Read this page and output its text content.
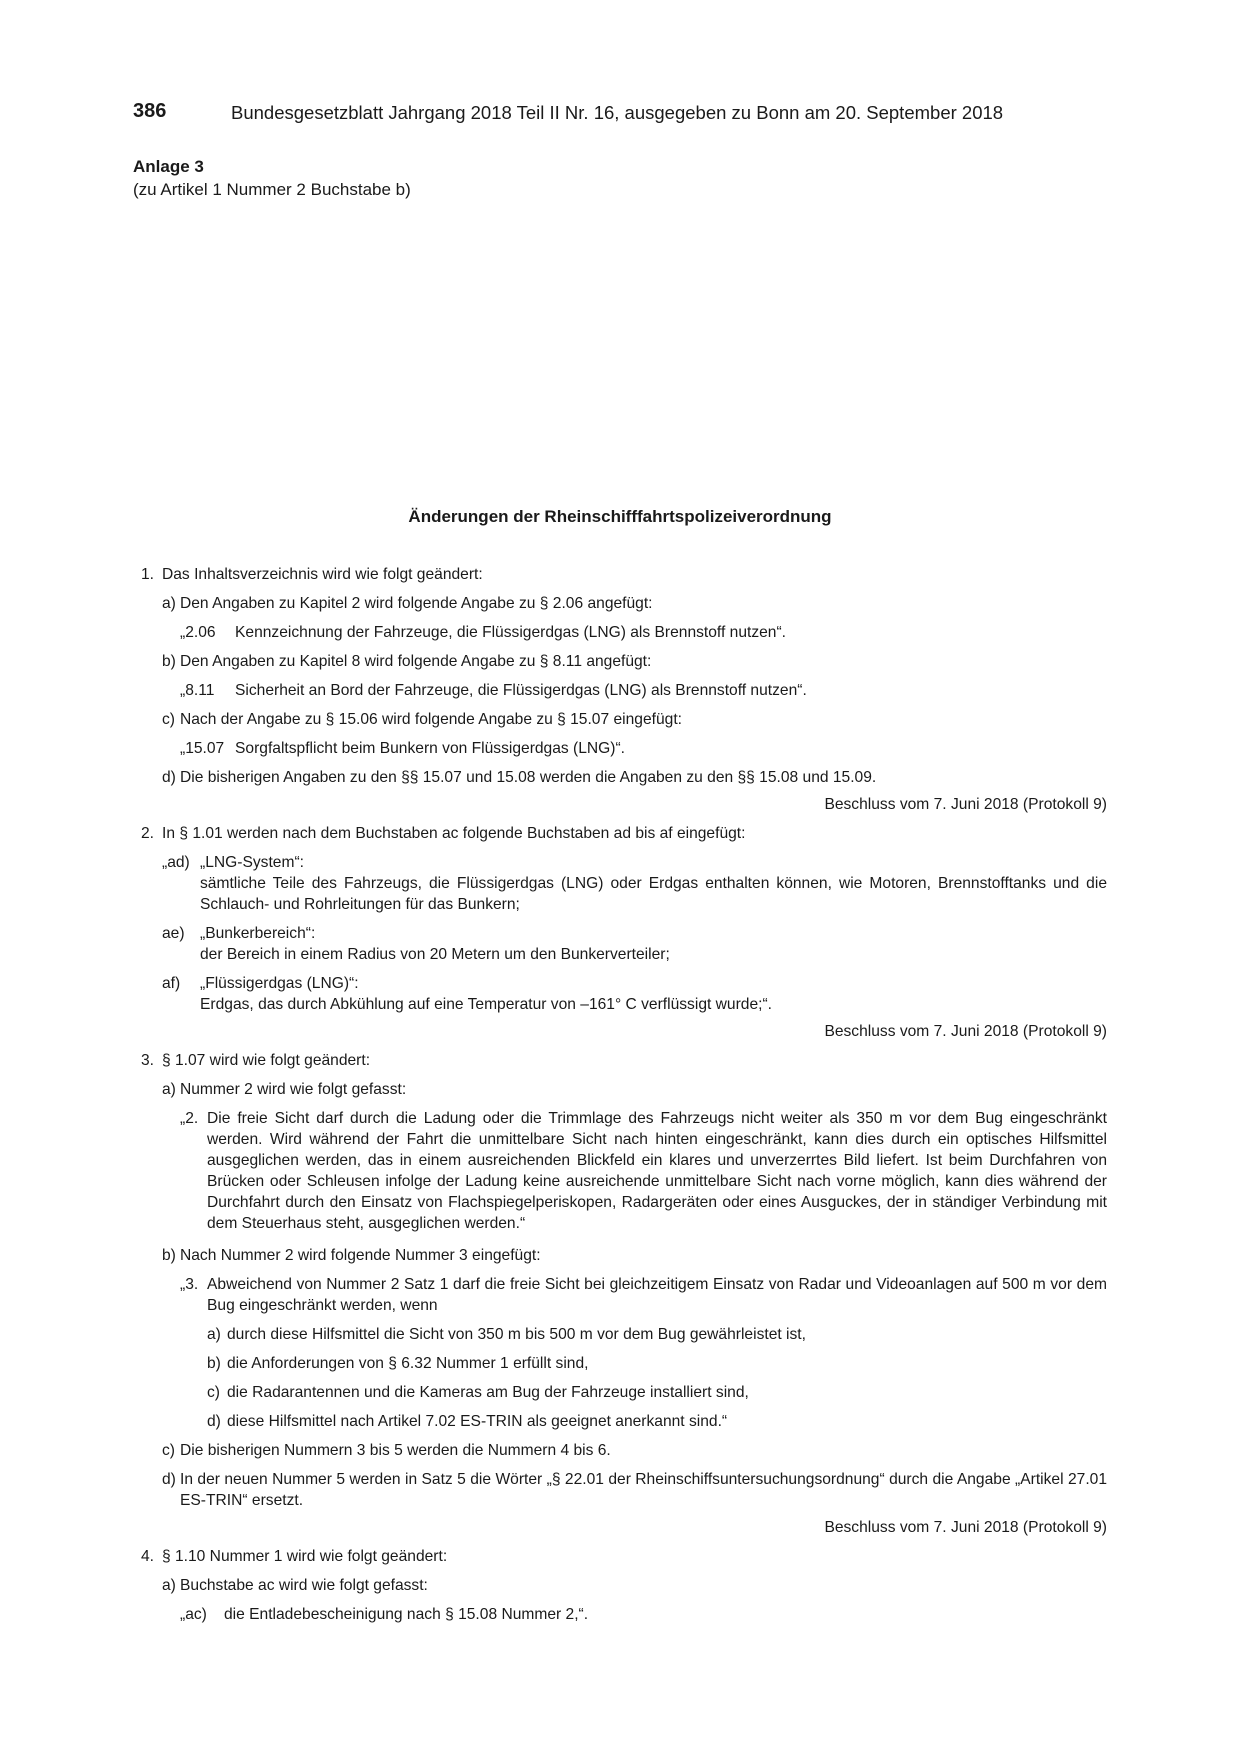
386	Bundesgesetzblatt Jahrgang 2018 Teil II Nr. 16, ausgegeben zu Bonn am 20. September 2018
Anlage 3
(zu Artikel 1 Nummer 2 Buchstabe b)
Änderungen der Rheinschifffahrtspolizeiverordnung
1. Das Inhaltsverzeichnis wird wie folgt geändert:
a) Den Angaben zu Kapitel 2 wird folgende Angabe zu § 2.06 angefügt:
„2.06 Kennzeichnung der Fahrzeuge, die Flüssigerdgas (LNG) als Brennstoff nutzen“.
b) Den Angaben zu Kapitel 8 wird folgende Angabe zu § 8.11 angefügt:
„8.11 Sicherheit an Bord der Fahrzeuge, die Flüssigerdgas (LNG) als Brennstoff nutzen“.
c) Nach der Angabe zu § 15.06 wird folgende Angabe zu § 15.07 eingefügt:
„15.07 Sorgfaltspflicht beim Bunkern von Flüssigerdgas (LNG)“.
d) Die bisherigen Angaben zu den §§ 15.07 und 15.08 werden die Angaben zu den §§ 15.08 und 15.09.
Beschluss vom 7. Juni 2018 (Protokoll 9)
2. In § 1.01 werden nach dem Buchstaben ac folgende Buchstaben ad bis af eingefügt:
„ad) „LNG-System“:
sämtliche Teile des Fahrzeugs, die Flüssigerdgas (LNG) oder Erdgas enthalten können, wie Motoren, Brennstofftanks und die Schlauch- und Rohrleitungen für das Bunkern;
ae) „Bunkerbereich“:
der Bereich in einem Radius von 20 Metern um den Bunkerverteiler;
af) „Flüssigerdgas (LNG)“:
Erdgas, das durch Abkühlung auf eine Temperatur von –161° C verflüssigt wurde;“.
Beschluss vom 7. Juni 2018 (Protokoll 9)
3. § 1.07 wird wie folgt geändert:
a) Nummer 2 wird wie folgt gefasst:
„2. Die freie Sicht darf durch die Ladung oder die Trimmlage des Fahrzeugs nicht weiter als 350 m vor dem Bug eingeschränkt werden. Wird während der Fahrt die unmittelbare Sicht nach hinten eingeschränkt, kann dies durch ein optisches Hilfsmittel ausgeglichen werden, das in einem ausreichenden Blickfeld ein klares und unverzerrtes Bild liefert. Ist beim Durchfahren von Brücken oder Schleusen infolge der Ladung keine ausreichende unmittelbare Sicht nach vorne möglich, kann dies während der Durchfahrt durch den Einsatz von Flachspiegelperiskopen, Radargeräten oder eines Ausguckes, der in ständiger Verbindung mit dem Steuerhaus steht, ausgeglichen werden.“
b) Nach Nummer 2 wird folgende Nummer 3 eingefügt:
„3. Abweichend von Nummer 2 Satz 1 darf die freie Sicht bei gleichzeitigem Einsatz von Radar und Videoanlagen auf 500 m vor dem Bug eingeschränkt werden, wenn
a) durch diese Hilfsmittel die Sicht von 350 m bis 500 m vor dem Bug gewährleistet ist,
b) die Anforderungen von § 6.32 Nummer 1 erfüllt sind,
c) die Radarantennen und die Kameras am Bug der Fahrzeuge installiert sind,
d) diese Hilfsmittel nach Artikel 7.02 ES-TRIN als geeignet anerkannt sind.“
c) Die bisherigen Nummern 3 bis 5 werden die Nummern 4 bis 6.
d) In der neuen Nummer 5 werden in Satz 5 die Wörter „§ 22.01 der Rheinschiffsuntersuchungsordnung“ durch die Angabe „Artikel 27.01 ES-TRIN“ ersetzt.
Beschluss vom 7. Juni 2018 (Protokoll 9)
4. § 1.10 Nummer 1 wird wie folgt geändert:
a) Buchstabe ac wird wie folgt gefasst:
„ac) die Entladebescheinigung nach § 15.08 Nummer 2,“.
